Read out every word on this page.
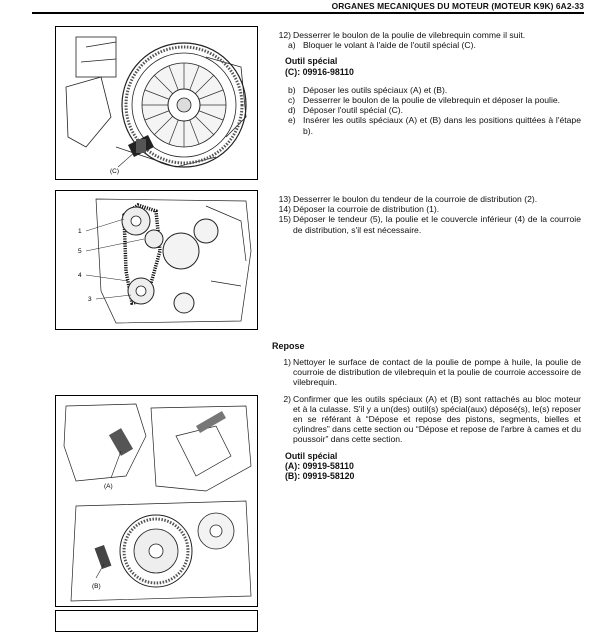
ORGANES MECANIQUES DU MOTEUR (MOTEUR K9K) 6A2-33
(C)
1
5
4
3
(A)
(B)
12) Desserrer le boulon de la poulie de vilebrequin comme il suit.
a) Bloquer le volant à l'aide de l'outil spécial (C).
Outil spécial
(C): 09916-98110
b) Déposer les outils spéciaux (A) et (B).
c) Desserrer le boulon de la poulie de vilebrequin et déposer la poulie.
d) Déposer l'outil spécial (C).
e) Insérer les outils spéciaux (A) et (B) dans les positions quittées à l'étape b).
13) Desserrer le boulon du tendeur de la courroie de distribution (2).
14) Déposer la courroie de distribution (1).
15) Déposer le tendeur (5), la poulie et le couvercle inférieur (4) de la courroie de distribution, s'il est nécessaire.
Repose
1) Nettoyer le surface de contact de la poulie de pompe à huile, la poulie de courroie de distribution de vilebrequin et la poulie de courroie accessoire de vilebrequin.
2) Confirmer que les outils spéciaux (A) et (B) sont rattachés au bloc moteur et à la culasse. S'il y a un(des) outil(s) spécial(aux) déposé(s), le(s) reposer en se référant à “Dépose et repose des pistons, segments, bielles et cylindres” dans cette section ou “Dépose et repose de l'arbre à cames et du poussoir” dans cette section.
Outil spécial
(A): 09919-58110
(B): 09919-58120
